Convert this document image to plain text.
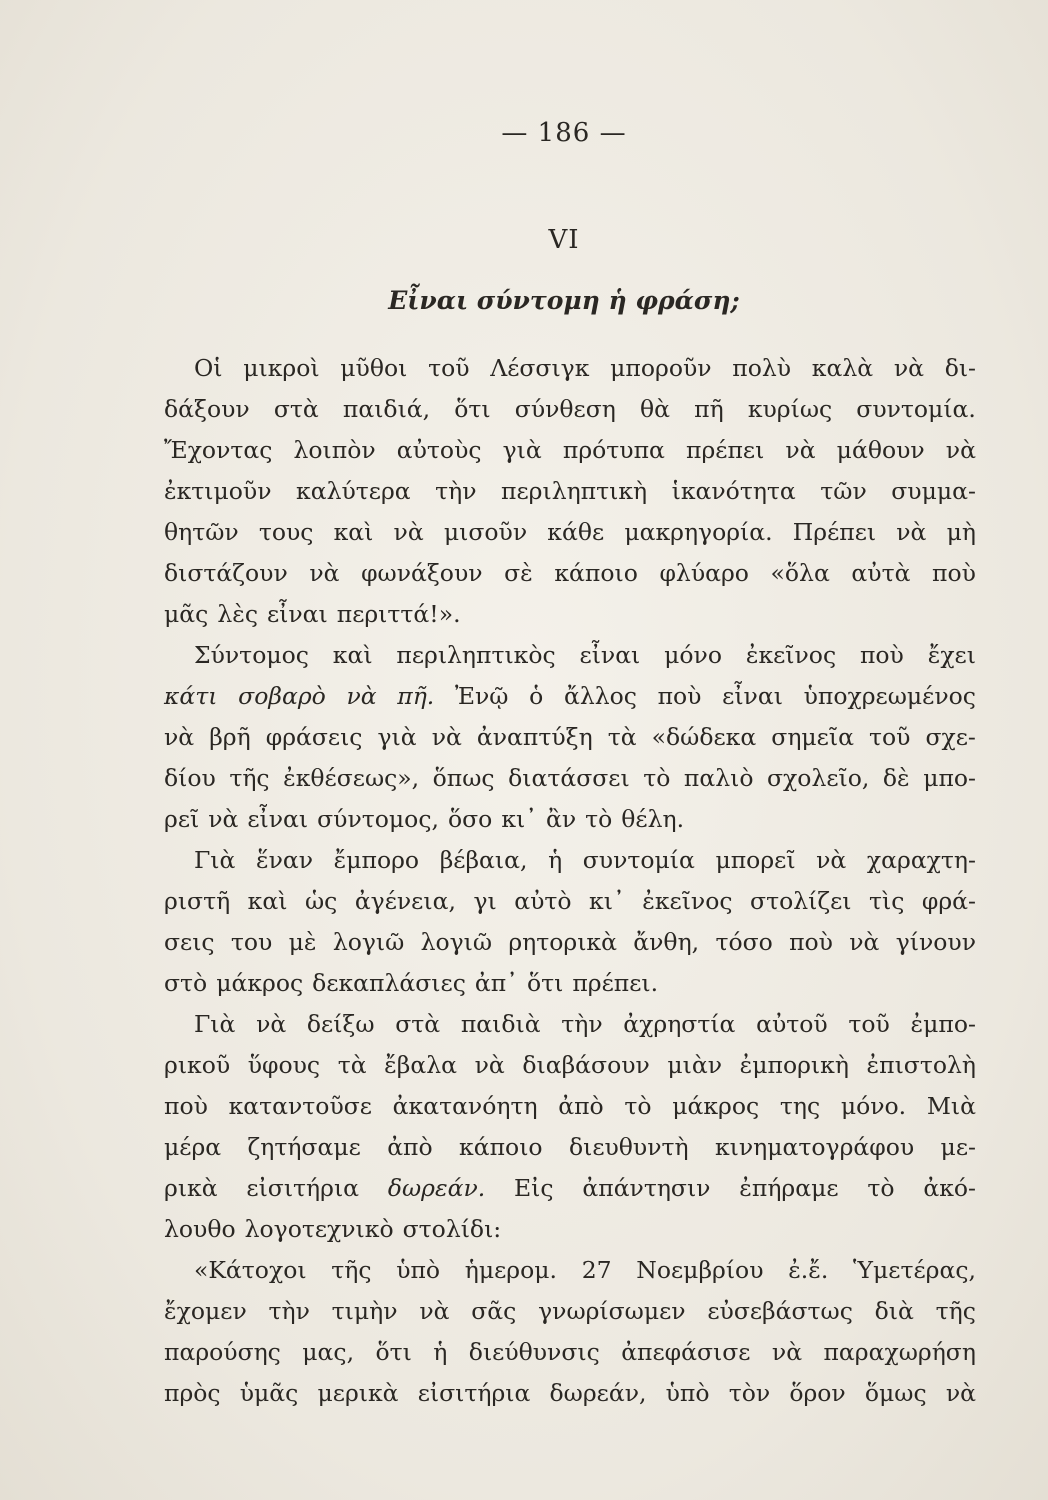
— 186 —
VI
Εἶναι σύντομη ἡ φράση;
Οἱ μικροὶ μῦθοι τοῦ Λέσσιγκ μποροῦν πολὺ καλὰ νὰ δι-
δάξουν στὰ παιδιά, ὅτι σύνθεση θὰ πῆ κυρίως συντομία.
Ἔχοντας λοιπὸν αὐτοὺς γιὰ πρότυπα πρέπει νὰ μάθουν νὰ
ἐκτιμοῦν καλύτερα τὴν περιληπτικὴ ἱκανότητα τῶν συμμα-
θητῶν τους καὶ νὰ μισοῦν κάθε μακρηγορία. Πρέπει νὰ μὴ
διστάζουν νὰ φωνάξουν σὲ κάποιο φλύαρο «ὅλα αὐτὰ ποὺ
μᾶς λὲς εἶναι περιττά!».
Σύντομος καὶ περιληπτικὸς εἶναι μόνο ἐκεῖνος ποὺ ἔχει
κάτι σοβαρὸ νὰ πῆ. Ἐνῷ ὁ ἄλλος ποὺ εἶναι ὑποχρεωμένος
νὰ βρῆ φράσεις γιὰ νὰ ἀναπτύξη τὰ «δώδεκα σημεῖα τοῦ σχε-
δίου τῆς ἐκθέσεως», ὅπως διατάσσει τὸ παλιὸ σχολεῖο, δὲ μπο-
ρεῖ νὰ εἶναι σύντομος, ὅσο κι᾿ ἂν τὸ θέλη.
Γιὰ ἕναν ἔμπορο βέβαια, ἡ συντομία μπορεῖ νὰ χαραχτη-
ριστῆ καὶ ὡς ἀγένεια, γι αὐτὸ κι᾿ ἐκεῖνος στολίζει τὶς φρά-
σεις του μὲ λογιῶ λογιῶ ρητορικὰ ἄνθη, τόσο ποὺ νὰ γίνουν
στὸ μάκρος δεκαπλάσιες ἀπ᾿ ὅτι πρέπει.
Γιὰ νὰ δείξω στὰ παιδιὰ τὴν ἀχρηστία αὐτοῦ τοῦ ἐμπο-
ρικοῦ ὕφους τὰ ἔβαλα νὰ διαβάσουν μιὰν ἐμπορικὴ ἐπιστολὴ
ποὺ καταντοῦσε ἀκατανόητη ἀπὸ τὸ μάκρος της μόνο. Μιὰ
μέρα ζητήσαμε ἀπὸ κάποιο διευθυντὴ κινηματογράφου με-
ρικὰ εἰσιτήρια δωρεάν. Εἰς ἀπάντησιν ἐπήραμε τὸ ἀκό-
λουθο λογοτεχνικὸ στολίδι:
«Κάτοχοι τῆς ὑπὸ ἡμερομ. 27 Νοεμβρίου ἐ.ἔ. Ὑμετέρας,
ἔχομεν τὴν τιμὴν νὰ σᾶς γνωρίσωμεν εὐσεβάστως διὰ τῆς
παρούσης μας, ὅτι ἡ διεύθυνσις ἀπεφάσισε νὰ παραχωρήση
πρὸς ὑμᾶς μερικὰ εἰσιτήρια δωρεάν, ὑπὸ τὸν ὅρον ὅμως νὰ
